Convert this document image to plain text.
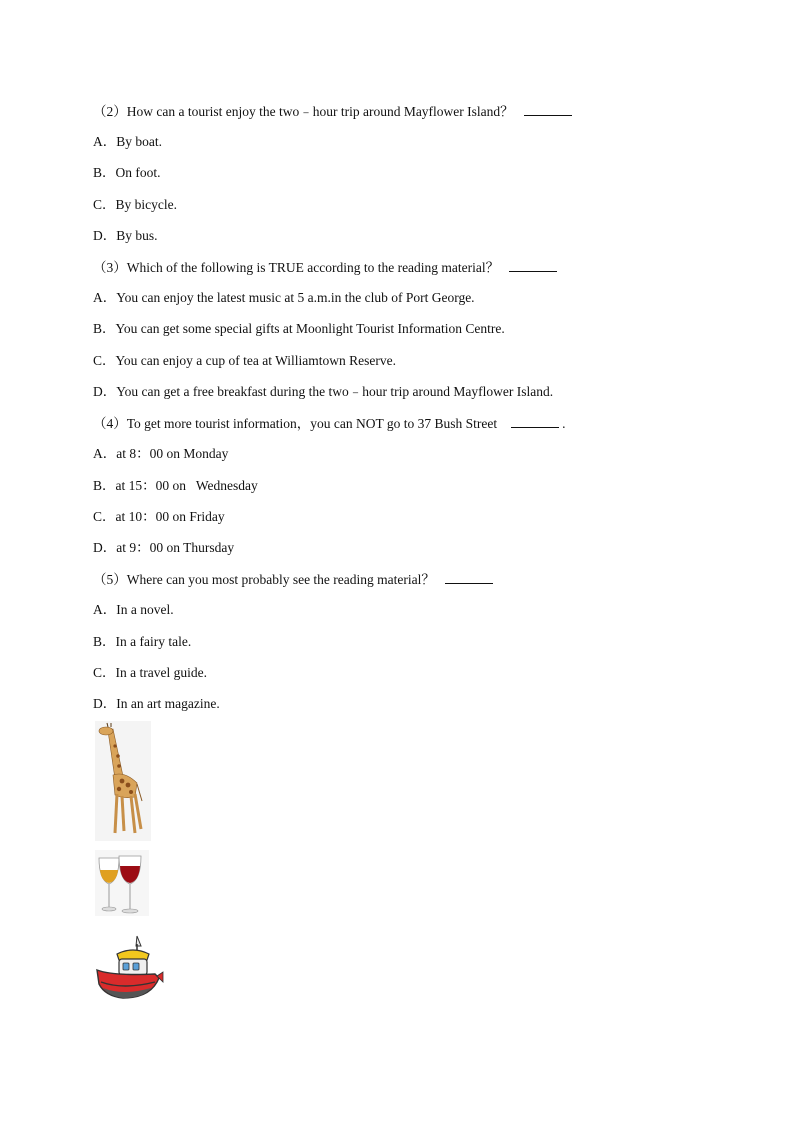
（2）How can a tourist enjoy the two﹣hour trip around Mayflower Island？
A．By boat.
B．On foot.
C．By bicycle.
D．By bus.
（3）Which of the following is TRUE according to the reading material？
A．You can enjoy the latest music at 5 a.m.in the club of Port George.
B．You can get some special gifts at Moonlight Tourist Information Centre.
C．You can enjoy a cup of tea at Williamtown Reserve.
D．You can get a free breakfast during the two﹣hour trip around Mayflower Island.
（4）To get more tourist information，you can NOT go to 37 Bush Street	.
A．at 8：00 on Monday
B．at 15：00 on   Wednesday
C．at 10：00 on Friday
D．at 9：00 on Thursday
（5）Where can you most probably see the reading material？
A．In a novel.
B．In a fairy tale.
C．In a travel guide.
D．In an art magazine.
